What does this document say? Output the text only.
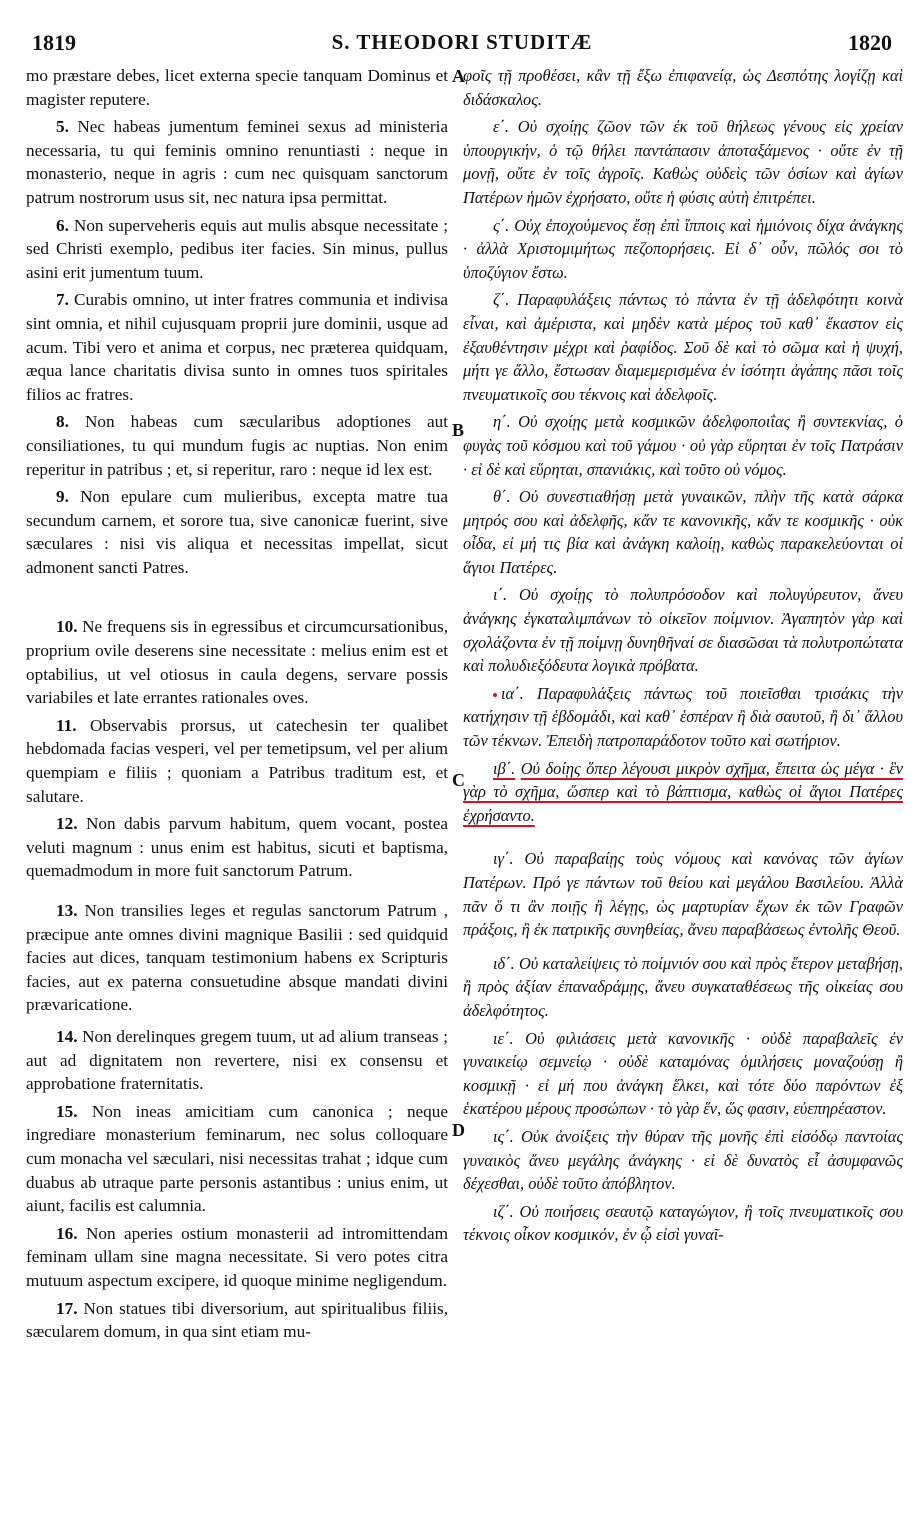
1819	S. THEODORI STUDITÆ	1820
A
B
C
D

mo præstare debes, licet externa specie tanquam Dominus et magister reputere.

5. Nec habeas jumentum feminei sexus ad ministeria necessaria, tu qui feminis omnino renuntiasti : neque in monasterio, neque in agris : cum nec quisquam sanctorum patrum nostrorum usus sit, nec natura ipsa permittat.

6. Non superveheris equis aut mulis absque necessitate ; sed Christi exemplo, pedibus iter facies. Sin minus, pullus asini erit jumentum tuum.

7. Curabis omnino, ut inter fratres communia et indivisa sint omnia, et nihil cujusquam proprii jure dominii, usque ad acum. Tibi vero et anima et corpus, nec præterea quidquam, æqua lance charitatis divisa sunto in omnes tuos spiritales filios ac fratres.

8. Non habeas cum sæcularibus adoptiones aut consiliationes, tu qui mundum fugis ac nuptias. Non enim reperitur in patribus ; et, si reperitur, raro : neque id lex est.

9. Non epulare cum mulieribus, excepta matre tua secundum carnem, et sorore tua, sive canonicæ fuerint, sive sæculares : nisi vis aliqua et necessitas impellat, sicut admonent sancti Patres.

10. Ne frequens sis in egressibus et circumcursationibus, proprium ovile deserens sine necessitate : melius enim est et optabilius, ut vel otiosus in caula degens, servare possis variabiles et late errantes rationales oves.

11. Observabis prorsus, ut catechesin ter qualibet hebdomada facias vesperi, vel per temetipsum, vel per alium quempiam e filiis ; quoniam a Patribus traditum est, et salutare.

12. Non dabis parvum habitum, quem vocant, postea veluti magnum : unus enim est habitus, sicuti et baptisma, quemadmodum in more fuit sanctorum Patrum.

13. Non transilies leges et regulas sanctorum Patrum , præcipue ante omnes divini magnique Basilii : sed quidquid facies aut dices, tanquam testimonium habens ex Scripturis facies, aut ex paterna consuetudine absque mandati divini prævaricatione.

14. Non derelinques gregem tuum, ut ad alium transeas ; aut ad dignitatem non revertere, nisi ex consensu et approbatione fraternitatis.

15. Non ineas amicitiam cum canonica ; neque ingrediare monasterium feminarum, nec solus colloquare cum monacha vel sæculari, nisi necessitas trahat ; idque cum duabus ab utraque parte personis astantibus : unius enim, ut aiunt, facilis est calumnia.

16. Non aperies ostium monasterii ad intromittendam feminam ullam sine magna necessitate. Si vero potes citra mutuum aspectum excipere, id quoque minime negligendum.

17. Non statues tibi diversorium, aut spiritualibus filiis, sæcularem domum, in qua sint etiam mu-

φοῖς τῇ προθέσει, κἂν τῇ ἔξω ἐπιφανείᾳ, ὡς Δεσπότης λογίζῃ καὶ διδάσκαλος.

ε΄. Οὐ σχοίῃς ζῶον τῶν ἐκ τοῦ θήλεως γένους εἰς χρείαν ὑπουργικήν, ὁ τῷ θήλει παντάπασιν ἀποταξάμενος · οὔτε ἐν τῇ μονῇ, οὔτε ἐν τοῖς ἀγροῖς. Καθὼς οὐδεὶς τῶν ὁσίων καὶ ἁγίων Πατέρων ἡμῶν ἐχρήσατο, οὔτε ἡ φύσις αὐτὴ ἐπιτρέπει.

ς΄. Οὐχ ἐποχούμενος ἔσῃ ἐπὶ ἵπποις καὶ ἡμιόνοις δίχα ἀνάγκης · ἀλλὰ Χριστομιμήτως πεζοπορήσεις. Εἰ δ᾽ οὖν, πῶλός σοι τὸ ὑποζύγιον ἔστω.

ζ΄. Παραφυλάξεις πάντως τὸ πάντα ἐν τῇ ἀδελφότητι κοινὰ εἶναι, καὶ ἀμέριστα, καὶ μηδὲν κατὰ μέρος τοῦ καθ᾽ ἕκαστον εἰς ἐξαυθέντησιν μέχρι καὶ ῥαφίδος. Σοῦ δὲ καὶ τὸ σῶμα καὶ ἡ ψυχή, μήτι γε ἄλλο, ἔστωσαν διαμεμερισμένα ἐν ἰσότητι ἀγάπης πᾶσι τοῖς πνευματικοῖς σου τέκνοις καὶ ἀδελφοῖς.

η΄. Οὐ σχοίῃς μετὰ κοσμικῶν ἀδελφοποιΐας ἢ συντεκνίας, ὁ φυγὰς τοῦ κόσμου καὶ τοῦ γάμου · οὐ γὰρ εὕρηται ἐν τοῖς Πατράσιν · εἰ δὲ καὶ εὕρηται, σπανιάκις, καὶ τοῦτο οὐ νόμος.

θ΄. Οὐ συνεστιαθήσῃ μετὰ γυναικῶν, πλὴν τῆς κατὰ σάρκα μητρός σου καὶ ἀδελφῆς, κἄν τε κανονικῆς, κἄν τε κοσμικῆς · οὐκ οἶδα, εἰ μή τις βία καὶ ἀνάγκη καλοίῃ, καθὼς παρακελεύονται οἱ ἅγιοι Πατέρες.

ι΄. Οὐ σχοίῃς τὸ πολυπρόσοδον καὶ πολυγύρευτον, ἄνευ ἀνάγκης ἐγκαταλιμπάνων τὸ οἰκεῖον ποίμνιον. Ἀγαπητὸν γὰρ καὶ σχολάζοντα ἐν τῇ ποίμνῃ δυνηθῆναί σε διασῶσαι τὰ πολυτροπώτατα καὶ πολυδιεξόδευτα λογικὰ πρόβατα.

ια΄. Παραφυλάξεις πάντως τοῦ ποιεῖσθαι τρισάκις τὴν κατήχησιν τῇ ἑβδομάδι, καὶ καθ᾽ ἑσπέραν ἢ διὰ σαυτοῦ, ἢ δι᾽ ἄλλου τῶν τέκνων. Ἐπειδὴ πατροπαράδοτον τοῦτο καὶ σωτήριον.

ιβ΄. Οὐ δοίῃς ὅπερ λέγουσι μικρὸν σχῆμα, ἔπειτα ὡς μέγα · ἓν γὰρ τὸ σχῆμα, ὥσπερ καὶ τὸ βάπτισμα, καθὼς οἱ ἅγιοι Πατέρες ἐχρήσαντο.

ιγ΄. Οὐ παραβαίῃς τοὺς νόμους καὶ κανόνας τῶν ἁγίων Πατέρων. Πρό γε πάντων τοῦ θείου καὶ μεγάλου Βασιλείου. Ἀλλὰ πᾶν ὅ τι ἂν ποιῇς ἢ λέγῃς, ὡς μαρτυρίαν ἔχων ἐκ τῶν Γραφῶν πράξοις, ἢ ἐκ πατρικῆς συνηθείας, ἄνευ παραβάσεως ἐντολῆς Θεοῦ.

ιδ΄. Οὐ καταλείψεις τὸ ποίμνιόν σου καὶ πρὸς ἕτερον μεταβήσῃ, ἢ πρὸς ἀξίαν ἐπαναδράμῃς, ἄνευ συγκαταθέσεως τῆς οἰκείας σου ἀδελφότητος.

ιε΄. Οὐ φιλιάσεις μετὰ κανονικῆς · οὐδὲ παραβαλεῖς ἐν γυναικείῳ σεμνείῳ · οὐδὲ καταμόνας ὁμιλήσεις μοναζούσῃ ἢ κοσμικῇ · εἰ μή που ἀνάγκη ἕλκει, καὶ τότε δύο παρόντων ἐξ ἑκατέρου μέρους προσώπων · τὸ γὰρ ἕν, ὥς φασιν, εὐεπηρέαστον.

ις΄. Οὐκ ἀνοίξεις τὴν θύραν τῆς μονῆς ἐπὶ εἰσόδῳ παντοίας γυναικὸς ἄνευ μεγάλης ἀνάγκης · εἰ δὲ δυνατὸς εἶ ἀσυμφανῶς δέχεσθαι, οὐδὲ τοῦτο ἀπόβλητον.

ιζ΄. Οὐ ποιήσεις σεαυτῷ καταγώγιον, ἢ τοῖς πνευματικοῖς σου τέκνοις οἶκον κοσμικόν, ἐν ᾧ εἰσὶ γυναῖ-
